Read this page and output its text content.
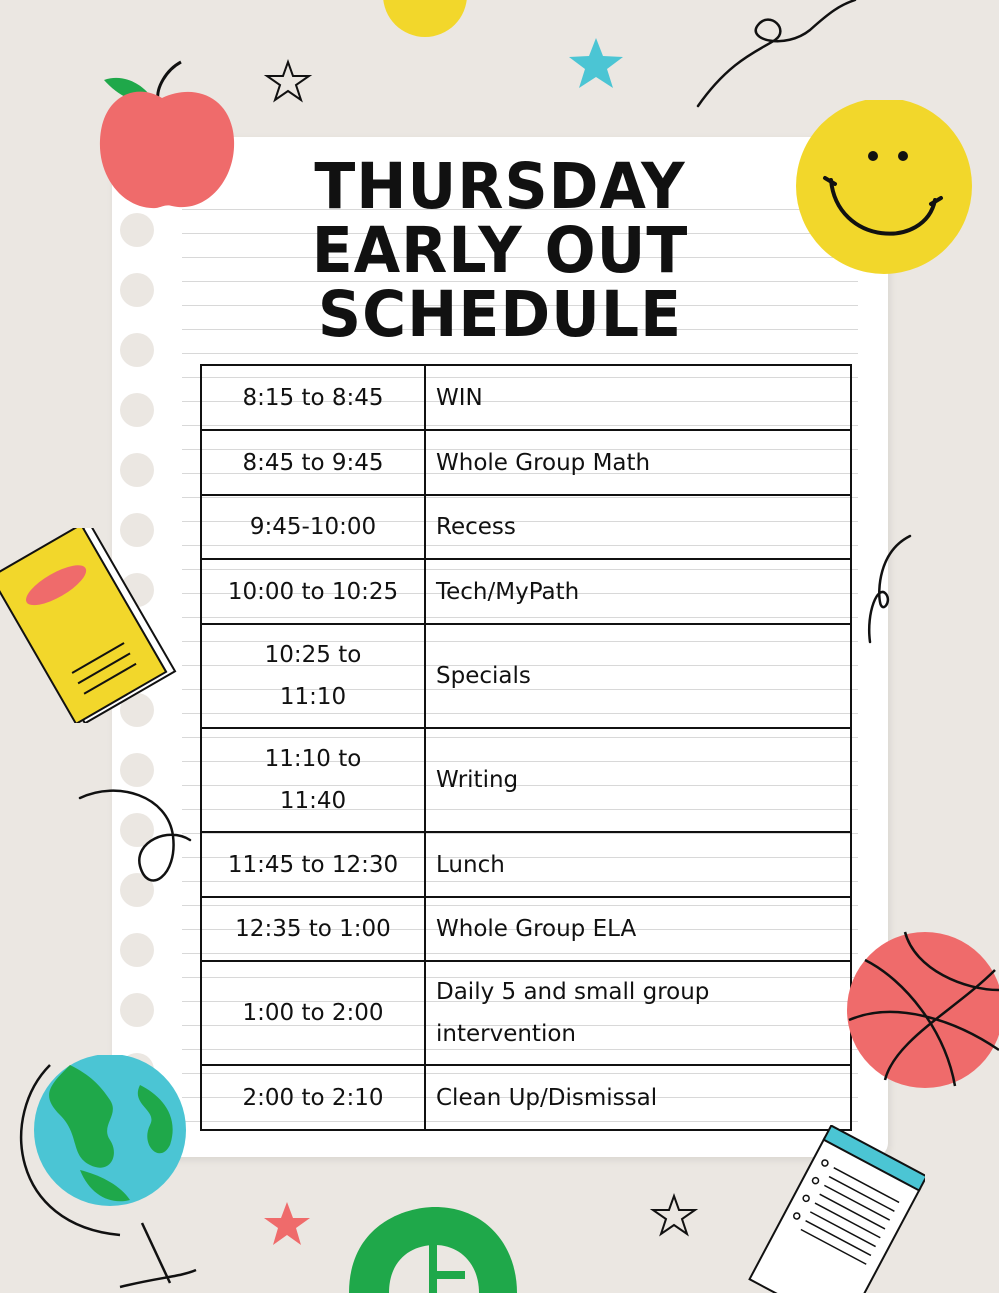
THURSDAY
EARLY OUT
SCHEDULE
8:15 to 8:45	WIN
8:45 to 9:45	Whole Group Math
9:45-10:00	Recess
10:00 to 10:25	Tech/MyPath
10:25 to 11:10	Specials
11:10 to 11:40	Writing
11:45 to 12:30	Lunch
12:35 to 1:00	Whole Group ELA
1:00 to 2:00	Daily 5 and small group intervention
2:00 to 2:10	Clean Up/Dismissal
